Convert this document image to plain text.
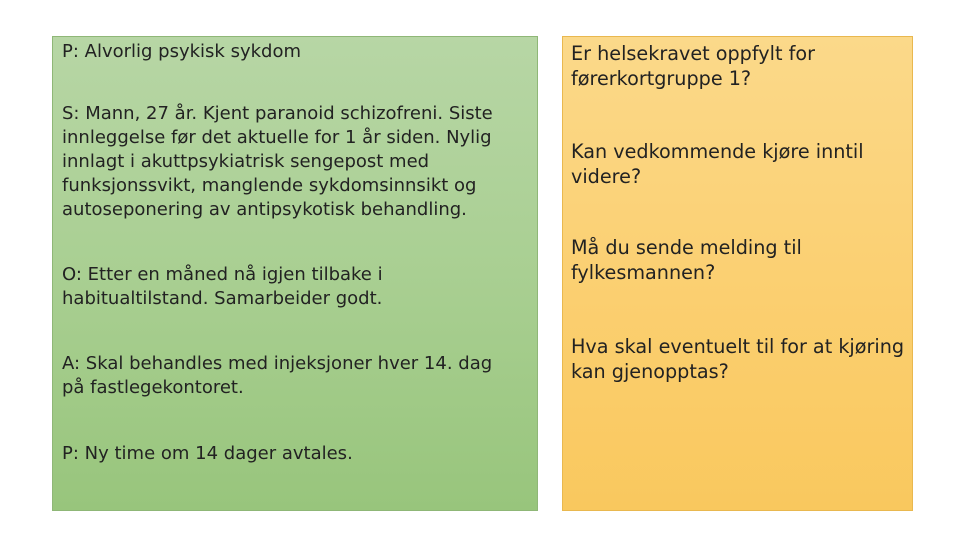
P: Alvorlig psykisk sykdom

S: Mann, 27 år. Kjent paranoid schizofreni. Siste
innleggelse før det aktuelle for 1 år siden. Nylig
innlagt i akuttpsykiatrisk sengepost med
funksjonssvikt, manglende sykdomsinnsikt og
autoseponering av antipsykotisk behandling.

O: Etter en måned nå igjen tilbake i
habitualtilstand. Samarbeider godt.

A: Skal behandles med injeksjoner hver 14. dag
på fastlegekontoret.

P: Ny time om 14 dager avtales.

Er helsekravet oppfylt for
førerkortgruppe 1?

Kan vedkommende kjøre inntil
videre?

Må du sende melding til
fylkesmannen?

Hva skal eventuelt til for at kjøring
kan gjenopptas?
